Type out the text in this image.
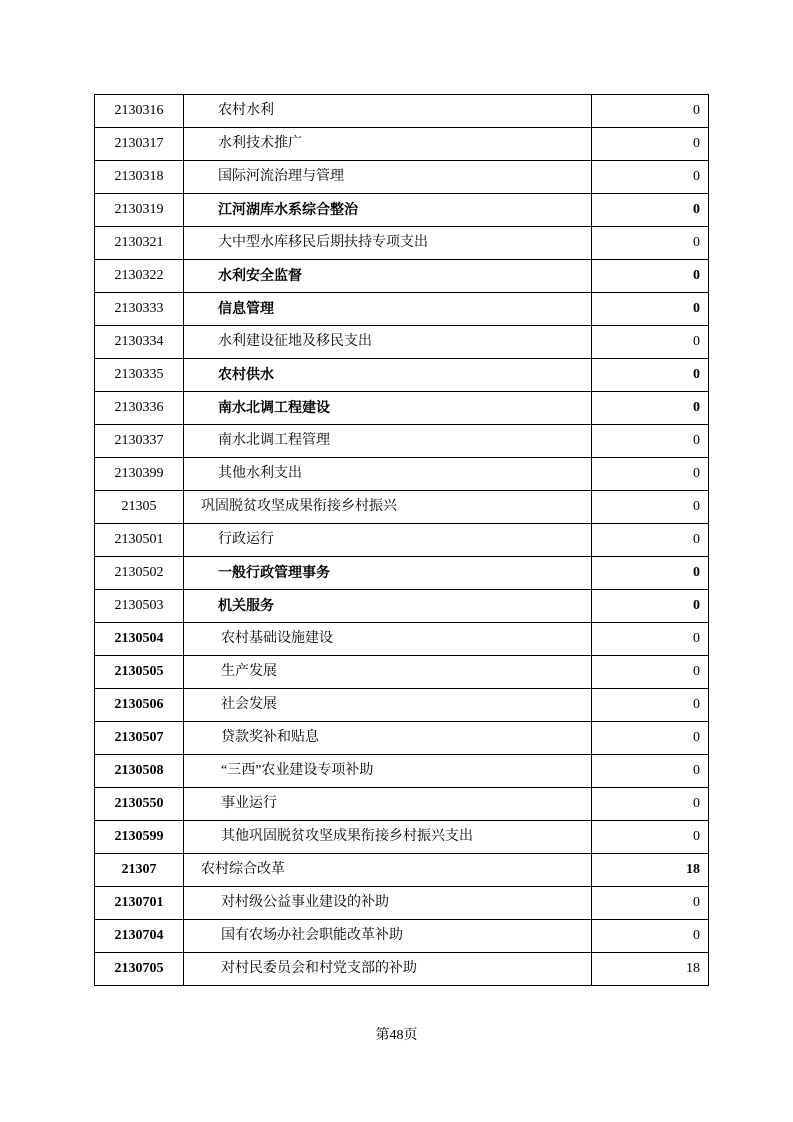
2130316	农村水利	0
2130317	水利技术推广	0
2130318	国际河流治理与管理	0
2130319	江河湖库水系综合整治	0
2130321	大中型水库移民后期扶持专项支出	0
2130322	水利安全监督	0
2130333	信息管理	0
2130334	水利建设征地及移民支出	0
2130335	农村供水	0
2130336	南水北调工程建设	0
2130337	南水北调工程管理	0
2130399	其他水利支出	0
21305	巩固脱贫攻坚成果衔接乡村振兴	0
2130501	行政运行	0
2130502	一般行政管理事务	0
2130503	机关服务	0
2130504	农村基础设施建设	0
2130505	生产发展	0
2130506	社会发展	0
2130507	贷款奖补和贴息	0
2130508	“三西”农业建设专项补助	0
2130550	事业运行	0
2130599	其他巩固脱贫攻坚成果衔接乡村振兴支出	0
21307	农村综合改革	18
2130701	对村级公益事业建设的补助	0
2130704	国有农场办社会职能改革补助	0
2130705	对村民委员会和村党支部的补助	18
第48页
